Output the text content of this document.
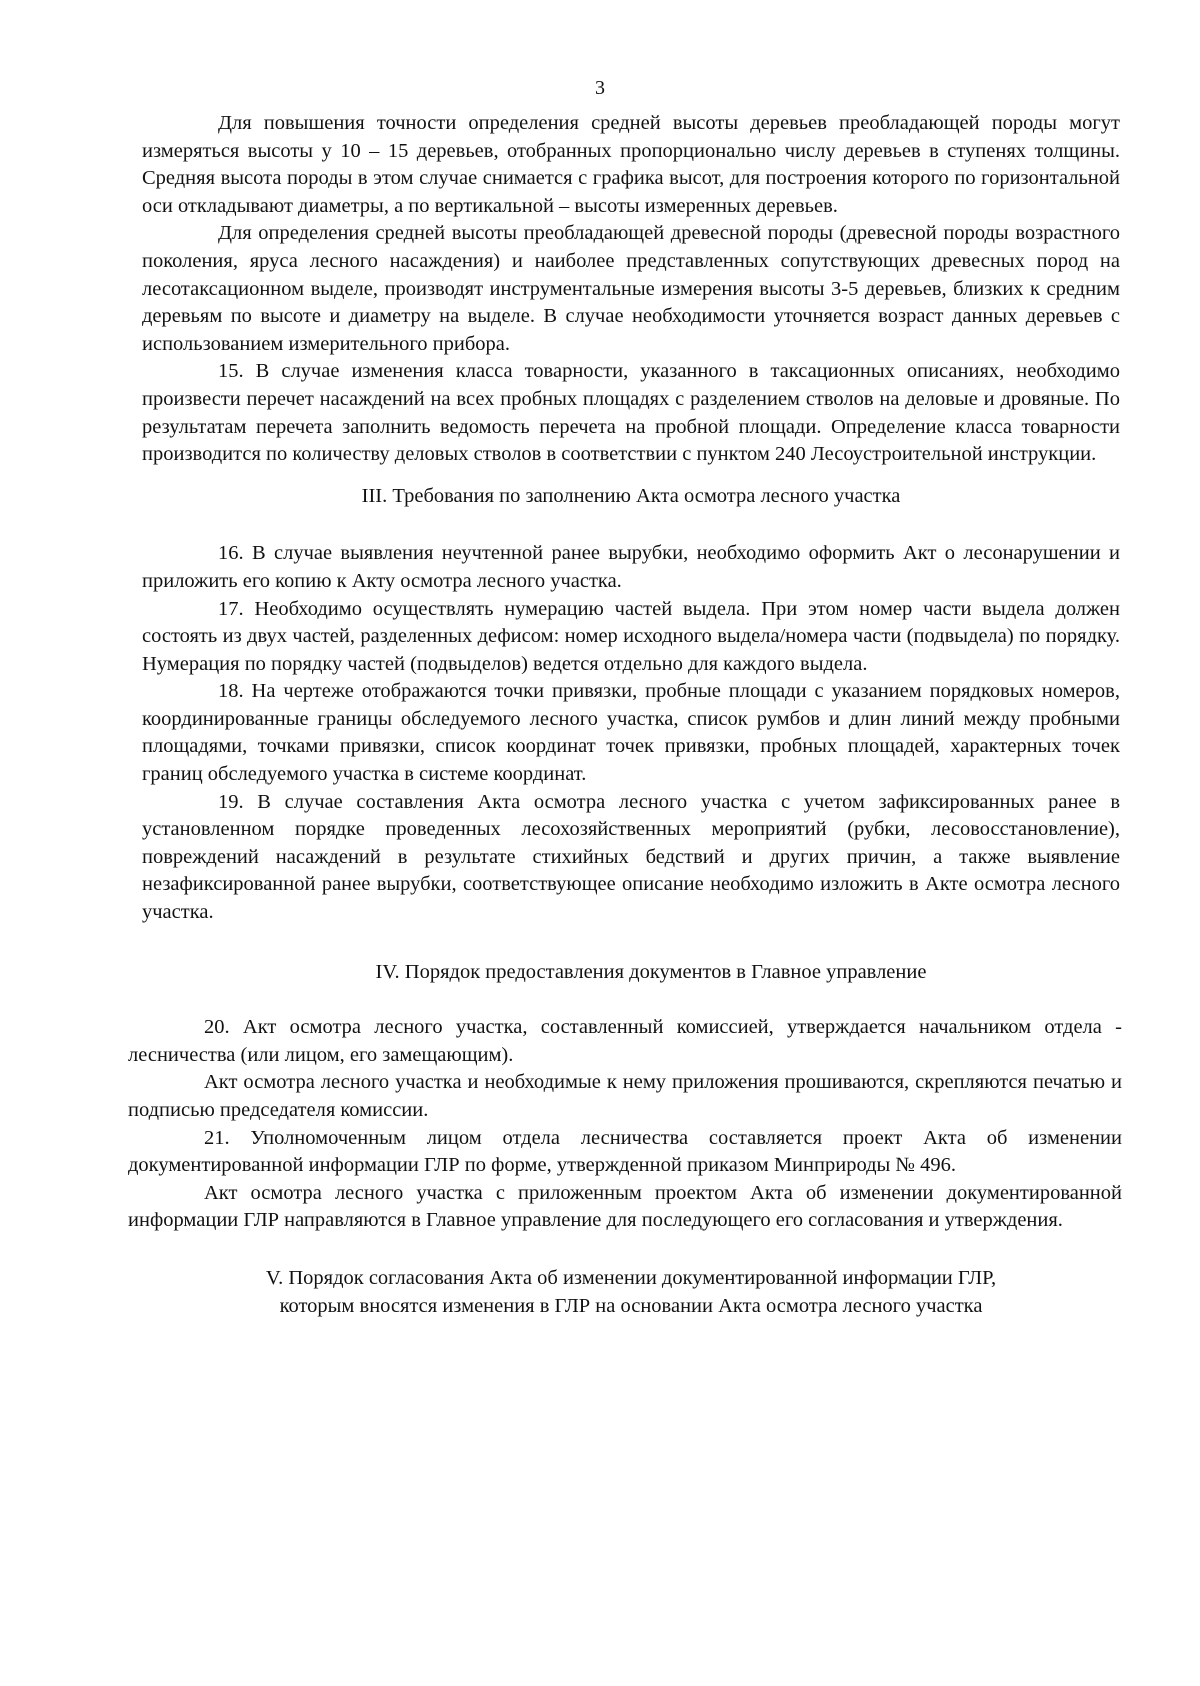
3

Для повышения точности определения средней высоты деревьев преобладающей породы могут измеряться высоты у 10 – 15 деревьев, отобранных пропорционально числу деревьев в ступенях толщины. Средняя высота породы в этом случае снимается с графика высот, для построения которого по горизонтальной оси откладывают диаметры, а по вертикальной – высоты измеренных деревьев.

Для определения средней высоты преобладающей древесной породы (древесной породы возрастного поколения, яруса лесного насаждения) и наиболее представленных сопутствующих древесных пород на лесотаксационном выделе, производят инструментальные измерения высоты 3-5 деревьев, близких к средним деревьям по высоте и диаметру на выделе. В случае необходимости уточняется возраст данных деревьев с использованием измерительного прибора.

15. В случае изменения класса товарности, указанного в таксационных описаниях, необходимо произвести перечет насаждений на всех пробных площадях с разделением стволов на деловые и дровяные. По результатам перечета заполнить ведомость перечета на пробной площади. Определение класса товарности производится по количеству деловых стволов в соответствии с пунктом 240 Лесоустроительной инструкции.

III. Требования по заполнению Акта осмотра лесного участка

16. В случае выявления неучтенной ранее вырубки, необходимо оформить Акт о лесонарушении и приложить его копию к Акту осмотра лесного участка.

17. Необходимо осуществлять нумерацию частей выдела. При этом номер части выдела должен состоять из двух частей, разделенных дефисом: номер исходного выдела/номера части (подвыдела) по порядку. Нумерация по порядку частей (подвыделов) ведется отдельно для каждого выдела.

18. На чертеже отображаются точки привязки, пробные площади с указанием порядковых номеров, координированные границы обследуемого лесного участка, список румбов и длин линий между пробными площадями, точками привязки, список координат точек привязки, пробных площадей, характерных точек границ обследуемого участка в системе координат.

19. В случае составления Акта осмотра лесного участка с учетом зафиксированных ранее в установленном порядке проведенных лесохозяйственных мероприятий (рубки, лесовосстановление), повреждений насаждений в результате стихийных бедствий и других причин, а также выявление незафиксированной ранее вырубки, соответствующее описание необходимо изложить в Акте осмотра лесного участка.

IV. Порядок предоставления документов в Главное управление

20. Акт осмотра лесного участка, составленный комиссией, утверждается начальником отдела - лесничества (или лицом, его замещающим).

Акт осмотра лесного участка и необходимые к нему приложения прошиваются, скрепляются печатью и подписью председателя комиссии.

21. Уполномоченным лицом отдела лесничества составляется проект Акта об изменении документированной информации ГЛР по форме, утвержденной приказом Минприроды № 496.

Акт осмотра лесного участка с приложенным проектом Акта об изменении документированной информации ГЛР направляются в Главное управление для последующего его согласования и утверждения.

V. Порядок согласования Акта об изменении документированной информации ГЛР,
которым вносятся изменения в ГЛР на основании Акта осмотра лесного участка
